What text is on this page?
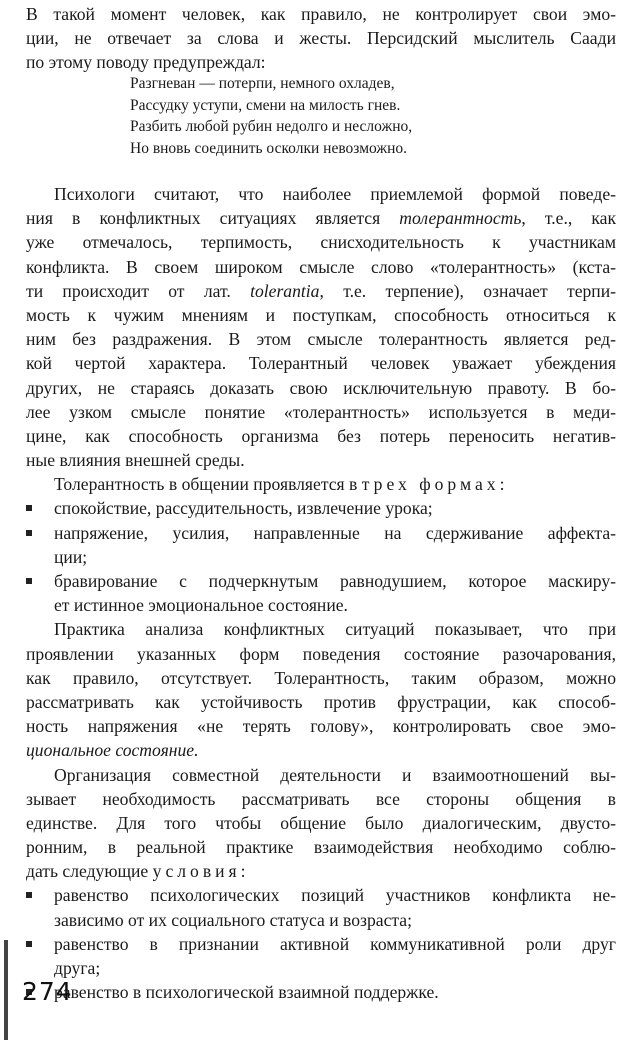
В такой момент человек, как правило, не контролирует свои эмо-
ции, не отвечает за слова и жесты. Персидский мыслитель Саади
по этому поводу предупреждал:
Разгневан — потерпи, немного охладев,
Рассудку уступи, смени на милость гнев.
Разбить любой рубин недолго и несложно,
Но вновь соединить осколки невозможно.
Психологи считают, что наиболее приемлемой формой поведе-
ния в конфликтных ситуациях является толерантность, т.е., как
уже отмечалось, терпимость, снисходительность к участникам
конфликта. В своем широком смысле слово «толерантность» (кста-
ти происходит от лат. tolerantia, т.е. терпение), означает терпи-
мость к чужим мнениям и поступкам, способность относиться к
ним без раздражения. В этом смысле толерантность является ред-
кой чертой характера. Толерантный человек уважает убеждения
других, не стараясь доказать свою исключительную правоту. В бо-
лее узком смысле понятие «толерантность» используется в меди-
цине, как способность организма без потерь переносить негатив-
ные влияния внешней среды.
Толерантность в общении проявляется в трех формах:
спокойствие, рассудительность, извлечение урока;
напряжение, усилия, направленные на сдерживание аффекта-
ции;
бравирование с подчеркнутым равнодушием, которое маскиру-
ет истинное эмоциональное состояние.
Практика анализа конфликтных ситуаций показывает, что при
проявлении указанных форм поведения состояние разочарования,
как правило, отсутствует. Толерантность, таким образом, можно
рассматривать как устойчивость против фрустрации, как способ-
ность напряжения «не терять голову», контролировать свое эмо-
циональное состояние.
Организация совместной деятельности и взаимоотношений вы-
зывает необходимость рассматривать все стороны общения в
единстве. Для того чтобы общение было диалогическим, двусто-
ронним, в реальной практике взаимодействия необходимо соблю-
дать следующие условия:
равенство психологических позиций участников конфликта не-
зависимо от их социального статуса и возраста;
равенство в признании активной коммуникативной роли друг
друга;
равенство в психологической взаимной поддержке.
274
